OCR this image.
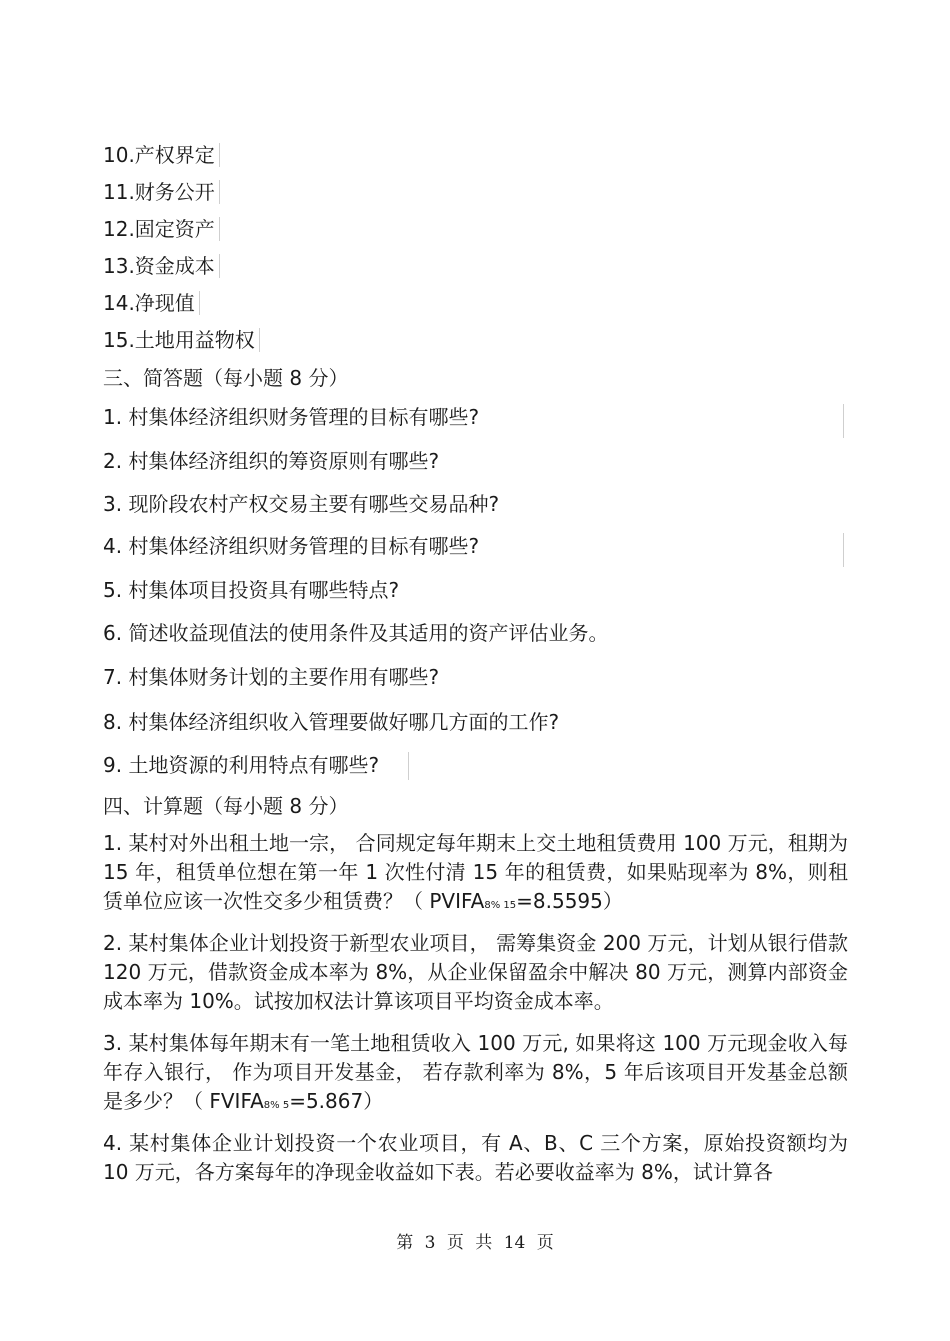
10.产权界定
11.财务公开
12.固定资产
13.资金成本
14.净现值
15.土地用益物权
三、简答题（每小题 8 分）
1. 村集体经济组织财务管理的目标有哪些?
2. 村集体经济组织的筹资原则有哪些?
3. 现阶段农村产权交易主要有哪些交易品种?
4. 村集体经济组织财务管理的目标有哪些?
5. 村集体项目投资具有哪些特点?
6. 简述收益现值法的使用条件及其适用的资产评估业务。
7. 村集体财务计划的主要作用有哪些?
8. 村集体经济组织收入管理要做好哪几方面的工作?
9. 土地资源的利用特点有哪些?
四、计算题（每小题 8 分）
1. 某村对外出租土地一宗， 合同规定每年期末上交土地租赁费用 100 万元，租期为 15 年，租赁单位想在第一年 1 次性付清 15 年的租赁费，如果贴现率为 8%，则租赁单位应该一次性交多少租赁费？（ PVIFA8% 15=8.5595）
2. 某村集体企业计划投资于新型农业项目， 需筹集资金 200 万元，计划从银行借款 120 万元，借款资金成本率为 8%，从企业保留盈余中解决 80 万元，测算内部资金成本率为 10%。试按加权法计算该项目平均资金成本率。
3. 某村集体每年期末有一笔土地租赁收入 100 万元, 如果将这 100 万元现金收入每年存入银行， 作为项目开发基金， 若存款利率为 8%，5 年后该项目开发基金总额是多少？（ FVIFA8% 5=5.867）
4. 某村集体企业计划投资一个农业项目，有 A、B、C 三个方案，原始投资额均为 10 万元，各方案每年的净现金收益如下表。若必要收益率为 8%，试计算各
第 3 页 共 14 页
